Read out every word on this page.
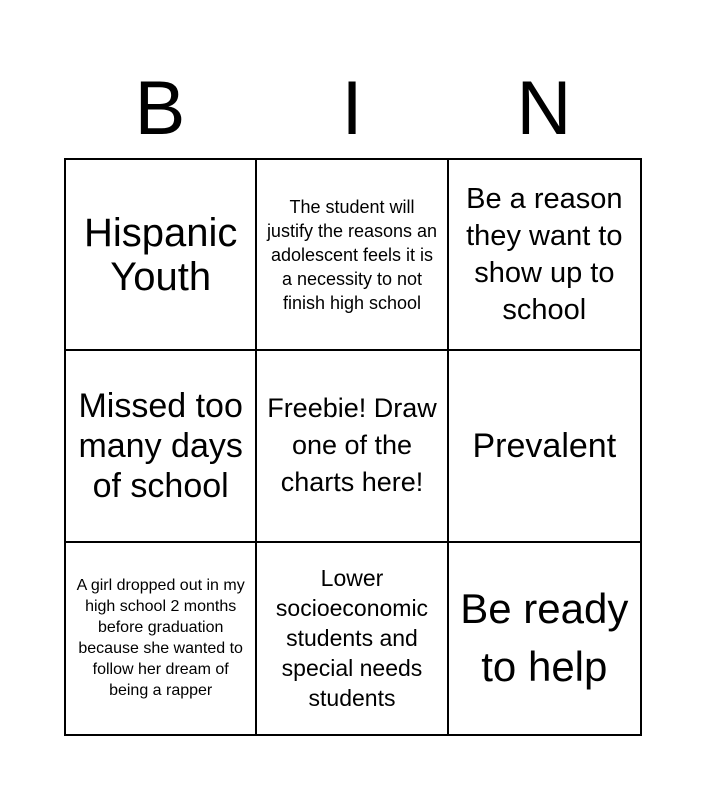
B	I	N
Hispanic Youth
The student will justify the reasons an adolescent feels it is a necessity to not finish high school
Be a reason they want to show up to school
Missed too many days of school
Freebie! Draw one of the charts here!
Prevalent
A girl dropped out in my high school 2 months before graduation because she wanted to follow her dream of being a rapper
Lower socioeconomic students and special needs students
Be ready to help
